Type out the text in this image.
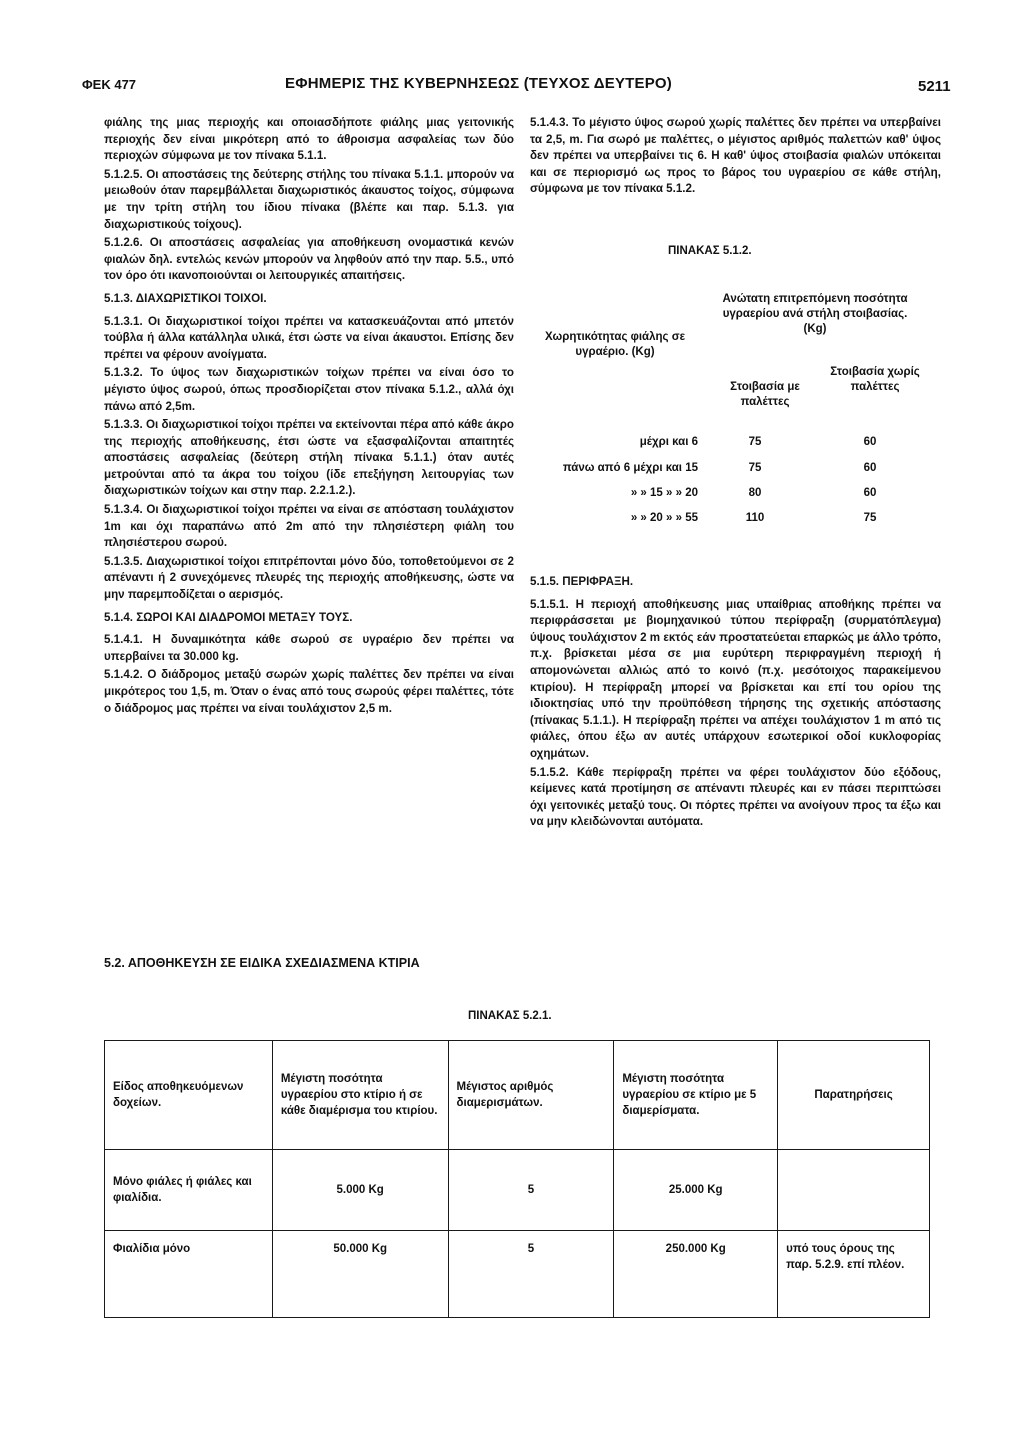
ΦΕΚ 477	ΕΦΗΜΕΡΙΣ ΤΗΣ ΚΥΒΕΡΝΗΣΕΩΣ (ΤΕΥΧΟΣ ΔΕΥΤΕΡΟ)	5211

φιάλης της μιας περιοχής και οποιασδήποτε φιάλης μιας γειτονικής περιοχής δεν είναι μικρότερη από το άθροισμα ασφαλείας των δύο περιοχών σύμφωνα με τον πίνακα 5.1.1.

5.1.2.5. Οι αποστάσεις της δεύτερης στήλης του πίνακα 5.1.1. μπορούν να μειωθούν όταν παρεμβάλλεται διαχωριστικός άκαυστος τοίχος, σύμφωνα με την τρίτη στήλη του ίδιου πίνακα (βλέπε και παρ. 5.1.3. για διαχωριστικούς τοίχους).

5.1.2.6. Οι αποστάσεις ασφαλείας για αποθήκευση ονομαστικά κενών φιαλών δηλ. εντελώς κενών μπορούν να ληφθούν από την παρ. 5.5., υπό τον όρο ότι ικανοποιούνται οι λειτουργικές απαιτήσεις.

5.1.3. ΔΙΑΧΩΡΙΣΤΙΚΟΙ ΤΟΙΧΟΙ.

5.1.3.1. Οι διαχωριστικοί τοίχοι πρέπει να κατασκευάζονται από μπετόν τούβλα ή άλλα κατάλληλα υλικά, έτσι ώστε να είναι άκαυστοι. Επίσης δεν πρέπει να φέρουν ανοίγματα.

5.1.3.2. Το ύψος των διαχωριστικών τοίχων πρέπει να είναι όσο το μέγιστο ύψος σωρού, όπως προσδιορίζεται στον πίνακα 5.1.2., αλλά όχι πάνω από 2,5m.

5.1.3.3. Οι διαχωριστικοί τοίχοι πρέπει να εκτείνονται πέρα από κάθε άκρο της περιοχής αποθήκευσης, έτσι ώστε να εξασφαλίζονται απαιτητές αποστάσεις ασφαλείας (δεύτερη στήλη πίνακα 5.1.1.) όταν αυτές μετρούνται από τα άκρα του τοίχου (ίδε επεξήγηση λειτουργίας των διαχωριστικών τοίχων και στην παρ. 2.2.1.2.).

5.1.3.4. Οι διαχωριστικοί τοίχοι πρέπει να είναι σε απόσταση τουλάχιστον 1m και όχι παραπάνω από 2m από την πλησιέστερη φιάλη του πλησιέστερου σωρού.

5.1.3.5. Διαχωριστικοί τοίχοι επιτρέπονται μόνο δύο, τοποθετούμενοι σε 2 απέναντι ή 2 συνεχόμενες πλευρές της περιοχής αποθήκευσης, ώστε να μην παρεμποδίζεται ο αερισμός.

5.1.4. ΣΩΡΟΙ ΚΑΙ ΔΙΑΔΡΟΜΟΙ ΜΕΤΑΞΥ ΤΟΥΣ.

5.1.4.1. Η δυναμικότητα κάθε σωρού σε υγραέριο δεν πρέπει να υπερβαίνει τα 30.000 kg.

5.1.4.2. Ο διάδρομος μεταξύ σωρών χωρίς παλέττες δεν πρέπει να είναι μικρότερος του 1,5, m. Όταν ο ένας από τους σωρούς φέρει παλέττες, τότε ο διάδρομος μας πρέπει να είναι τουλάχιστον 2,5 m.

5.1.4.3. Το μέγιστο ύψος σωρού χωρίς παλέττες δεν πρέπει να υπερβαίνει τα 2,5, m. Για σωρό με παλέττες, ο μέγιστος αριθμός παλεττών καθ' ύψος δεν πρέπει να υπερβαίνει τις 6. Η καθ' ύψος στοιβασία φιαλών υπόκειται και σε περιορισμό ως προς το βάρος του υγραερίου σε κάθε στήλη, σύμφωνα με τον πίνακα 5.1.2.

ΠΙΝΑΚΑΣ 5.1.2.
Χωρητικότητας φιάλης σε υγραέριο. (Kg)
Ανώτατη επιτρεπόμενη ποσότητα υγραερίου ανά στήλη στοιβασίας. (Kg)
Στοιβασία με παλέττες
Στοιβασία χωρίς παλέττες
μέχρι και 6	75	60
πάνω από 6 μέχρι και 15	75	60
» » 15 » » 20	80	60
» » 20 » » 55	110	75

5.1.5. ΠΕΡΙΦΡΑΞΗ.

5.1.5.1. Η περιοχή αποθήκευσης μιας υπαίθριας αποθήκης πρέπει να περιφράσσεται με βιομηχανικού τύπου περίφραξη (συρματόπλεγμα) ύψους τουλάχιστον 2 m εκτός εάν προστατεύεται επαρκώς με άλλο τρόπο, π.χ. βρίσκεται μέσα σε μια ευρύτερη περιφραγμένη περιοχή ή απομονώνεται αλλιώς από το κοινό (π.χ. μεσότοιχος παρακείμενου κτιρίου). Η περίφραξη μπορεί να βρίσκεται και επί του ορίου της ιδιοκτησίας υπό την προϋπόθεση τήρησης της σχετικής απόστασης (πίνακας 5.1.1.). Η περίφραξη πρέπει να απέχει τουλάχιστον 1 m από τις φιάλες, όπου έξω αν αυτές υπάρχουν εσωτερικοί οδοί κυκλοφορίας οχημάτων.

5.1.5.2. Κάθε περίφραξη πρέπει να φέρει τουλάχιστον δύο εξόδους, κείμενες κατά προτίμηση σε απέναντι πλευρές και εν πάσει περιπτώσει όχι γειτονικές μεταξύ τους. Οι πόρτες πρέπει να ανοίγουν προς τα έξω και να μην κλειδώνονται αυτόματα.

5.2. ΑΠΟΘΗΚΕΥΣΗ ΣΕ ΕΙΔΙΚΑ ΣΧΕΔΙΑΣΜΕΝΑ ΚΤΙΡΙΑ
ΠΙΝΑΚΑΣ 5.2.1.
Είδος αποθηκευόμενων δοχείων.	Μέγιστη ποσότητα υγραερίου στο κτίριο ή σε κάθε διαμέρισμα του κτιρίου.	Μέγιστος αριθμός διαμερισμάτων.	Μέγιστη ποσότητα υγραερίου σε κτίριο με 5 διαμερίσματα.	Παρατηρήσεις
Μόνο φιάλες ή φιάλες και φιαλίδια.	5.000 Kg	5	25.000 Kg	
Φιαλίδια μόνο	50.000 Kg	5	250.000 Kg	υπό τους όρους της παρ. 5.2.9. επί πλέον.
